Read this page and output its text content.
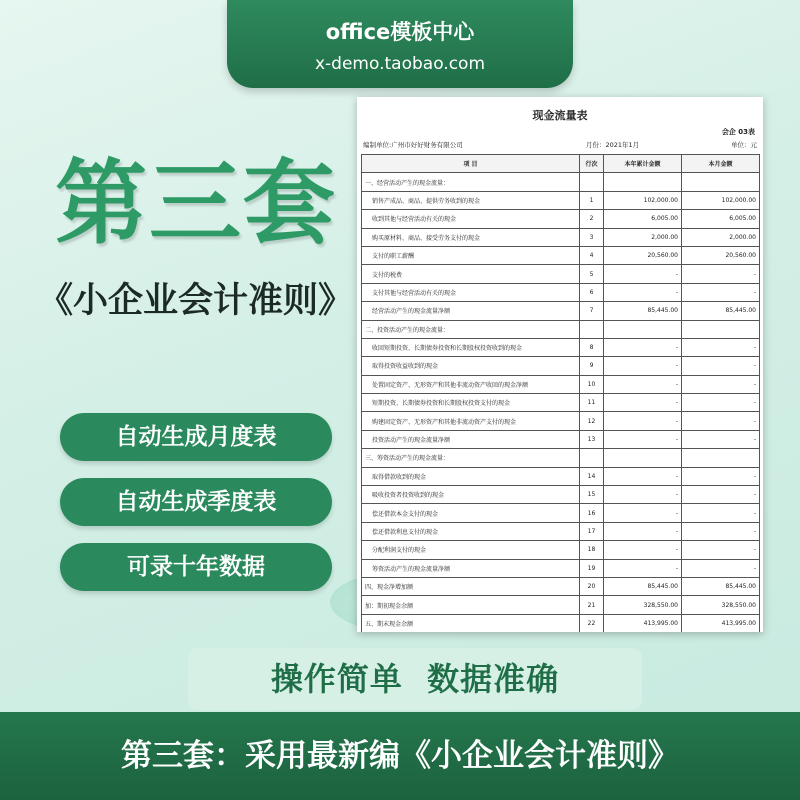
office模板中心
x-demo.taobao.com
第三套
《小企业会计准则》
自动生成月度表
自动生成季度表
可录十年数据
现金流量表
会企 03表
编制单位:广州市好好财务有限公司	月份：2021年1月	单位：元
项 目	行次	本年累计金额	本月金额
一、经营活动产生的现金流量：			
销售产成品、商品、提供劳务收到的现金	1	102,000.00	102,000.00
收到其他与经营活动有关的现金	2	6,005.00	6,005.00
购买原材料、商品、接受劳务支付的现金	3	2,000.00	2,000.00
支付的职工薪酬	4	20,560.00	20,560.00
支付的税费	5	-	-
支付其他与经营活动有关的现金	6	-	-
经营活动产生的现金流量净额	7	85,445.00	85,445.00
二、投资活动产生的现金流量：			
收回短期投资、长期债券投资和长期股权投资收到的现金	8	-	-
取得投资收益收到的现金	9	-	-
处置固定资产、无形资产和其他非流动资产收回的现金净额	10	-	-
短期投资、长期债券投资和长期股权投资支付的现金	11	-	-
购建固定资产、无形资产和其他非流动资产支付的现金	12	-	-
投资活动产生的现金流量净额	13	-	-
三、筹资活动产生的现金流量：			
取得借款收到的现金	14	-	-
吸收投资者投资收到的现金	15	-	-
偿还借款本金支付的现金	16	-	-
偿还借款利息支付的现金	17	-	-
分配利润支付的现金	18	-	-
筹资活动产生的现金流量净额	19	-	-
四、现金净增加额	20	85,445.00	85,445.00
加：期初现金余额	21	328,550.00	328,550.00
五、期末现金余额	22	413,995.00	413,995.00
操作简单  数据准确
第三套：采用最新编《小企业会计准则》
